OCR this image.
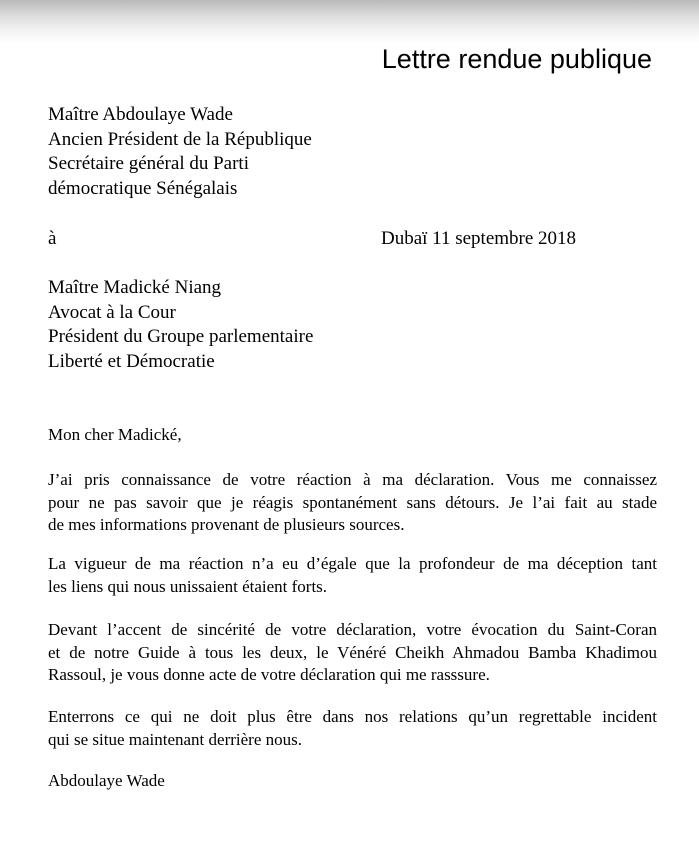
Lettre rendue publique
Maître Abdoulaye Wade
Ancien Président de la République
Secrétaire général du Parti
démocratique Sénégalais
à	Dubaï 11 septembre 2018
Maître Madické Niang
Avocat à la Cour
Président du Groupe parlementaire
Liberté et Démocratie
Mon cher Madické,
J’ai pris connaissance de votre réaction à ma déclaration. Vous me connaissez
pour ne pas savoir que je réagis spontanément sans détours. Je l’ai fait au stade
de mes informations provenant de plusieurs sources.
La vigueur de ma réaction n’a eu d’égale que la profondeur de ma déception tant
les liens qui nous unissaient étaient forts.
Devant l’accent de sincérité de votre déclaration, votre évocation du Saint-Coran
et de notre Guide à tous les deux, le Vénéré Cheikh Ahmadou Bamba Khadimou
Rassoul, je vous donne acte de votre déclaration qui me rasssure.
Enterrons ce qui ne doit plus être dans nos relations qu’un regrettable incident
qui se situe maintenant derrière nous.
Abdoulaye Wade
